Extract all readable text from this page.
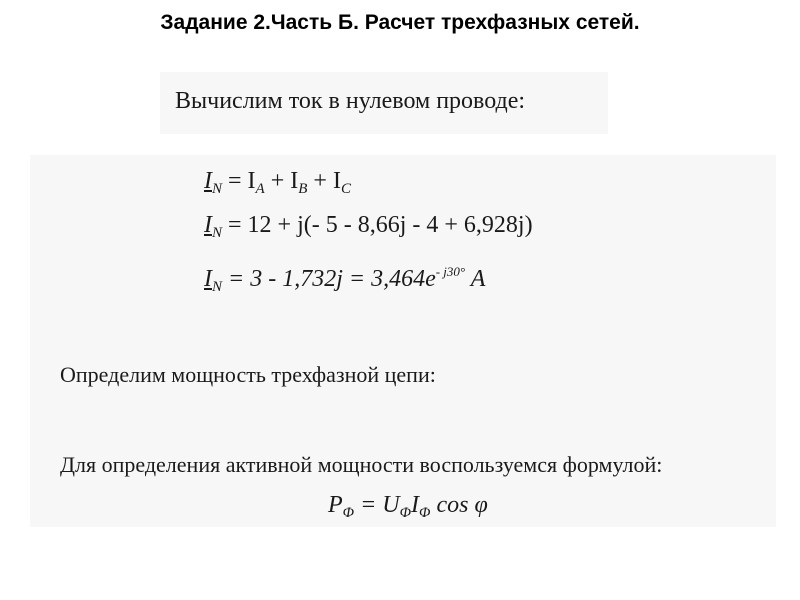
Задание 2.Часть Б. Расчет трехфазных сетей.
Вычислим ток в нулевом проводе:
$I_N = I_A + I_B + I_C$
$I_N = 12 + j(-$ 5 - 8,66j - 4 + 6,928j)
$I_N = 3 - 1,732j = 3,464e^{- j30^\circ}$ A
Определим мощность трехфазной цепи:
Для определения активной мощности воспользуемся формулой:
$P_\Phi = U_\Phi I_\Phi$ cos φ
